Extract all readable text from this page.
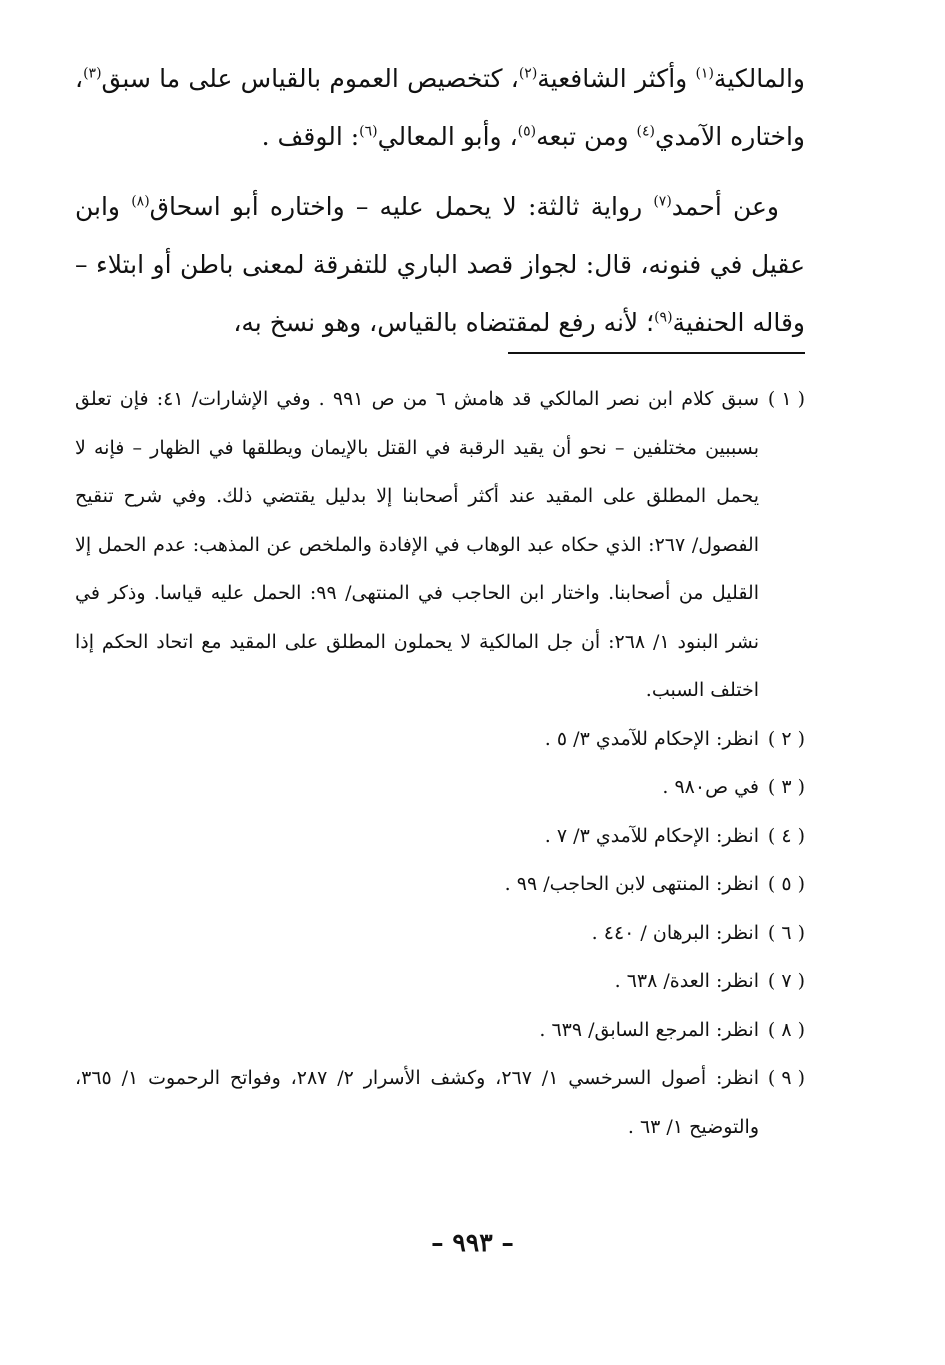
والمالكية$^{(١)}$ وأكثر الشافعية$^{(٢)}$، كتخصيص العموم بالقياس على ما سبق$^{(٣)}$، واختاره الآمدي$^{(٤)}$ ومن تبعه$^{(٥)}$، وأبو المعالي$^{(٦)}$: الوقف .

وعن أحمد$^{(٧)}$ رواية ثالثة: لا يحمل عليه – واختاره أبو اسحاق$^{(٨)}$ وابن عقيل في فنونه، قال: لجواز قصد الباري للتفرقة لمعنى باطن أو ابتلاء – وقاله الحنفية$^{(٩)}$؛ لأنه رفع لمقتضاه بالقياس، وهو نسخ به،

( ١ )
سبق كلام ابن نصر المالكي قد هامش ٦ من ص ٩٩١ . وفي الإشارات/ ٤١: فإن تعلق بسببين مختلفين – نحو أن يقيد الرقبة في القتل بالإيمان ويطلقها في الظهار – فإنه لا يحمل المطلق على المقيد عند أكثر أصحابنا إلا بدليل يقتضي ذلك. وفي شرح تنقيح الفصول/ ٢٦٧: الذي حكاه عبد الوهاب في الإفادة والملخص عن المذهب: عدم الحمل إلا القليل من أصحابنا. واختار ابن الحاجب في المنتهى/ ٩٩: الحمل عليه قياسا. وذكر في نشر البنود ١/ ٢٦٨: أن جل المالكية لا يحملون المطلق على المقيد مع اتحاد الحكم إذا اختلف السبب.
( ٢ )
انظر: الإحكام للآمدي ٣/ ٥ .
( ٣ )
في ص٩٨٠ .
( ٤ )
انظر: الإحكام للآمدي ٣/ ٧ .
( ٥ )
انظر: المنتهى لابن الحاجب/ ٩٩ .
( ٦ )
انظر: البرهان / ٤٤٠ .
( ٧ )
انظر: العدة/ ٦٣٨ .
( ٨ )
انظر: المرجع السابق/ ٦٣٩ .
( ٩ )
انظر: أصول السرخسي ١/ ٢٦٧، وكشف الأسرار ٢/ ٢٨٧، وفواتح الرحموت ١/ ٣٦٥، والتوضيح ١/ ٦٣ .
– ٩٩٣ –
